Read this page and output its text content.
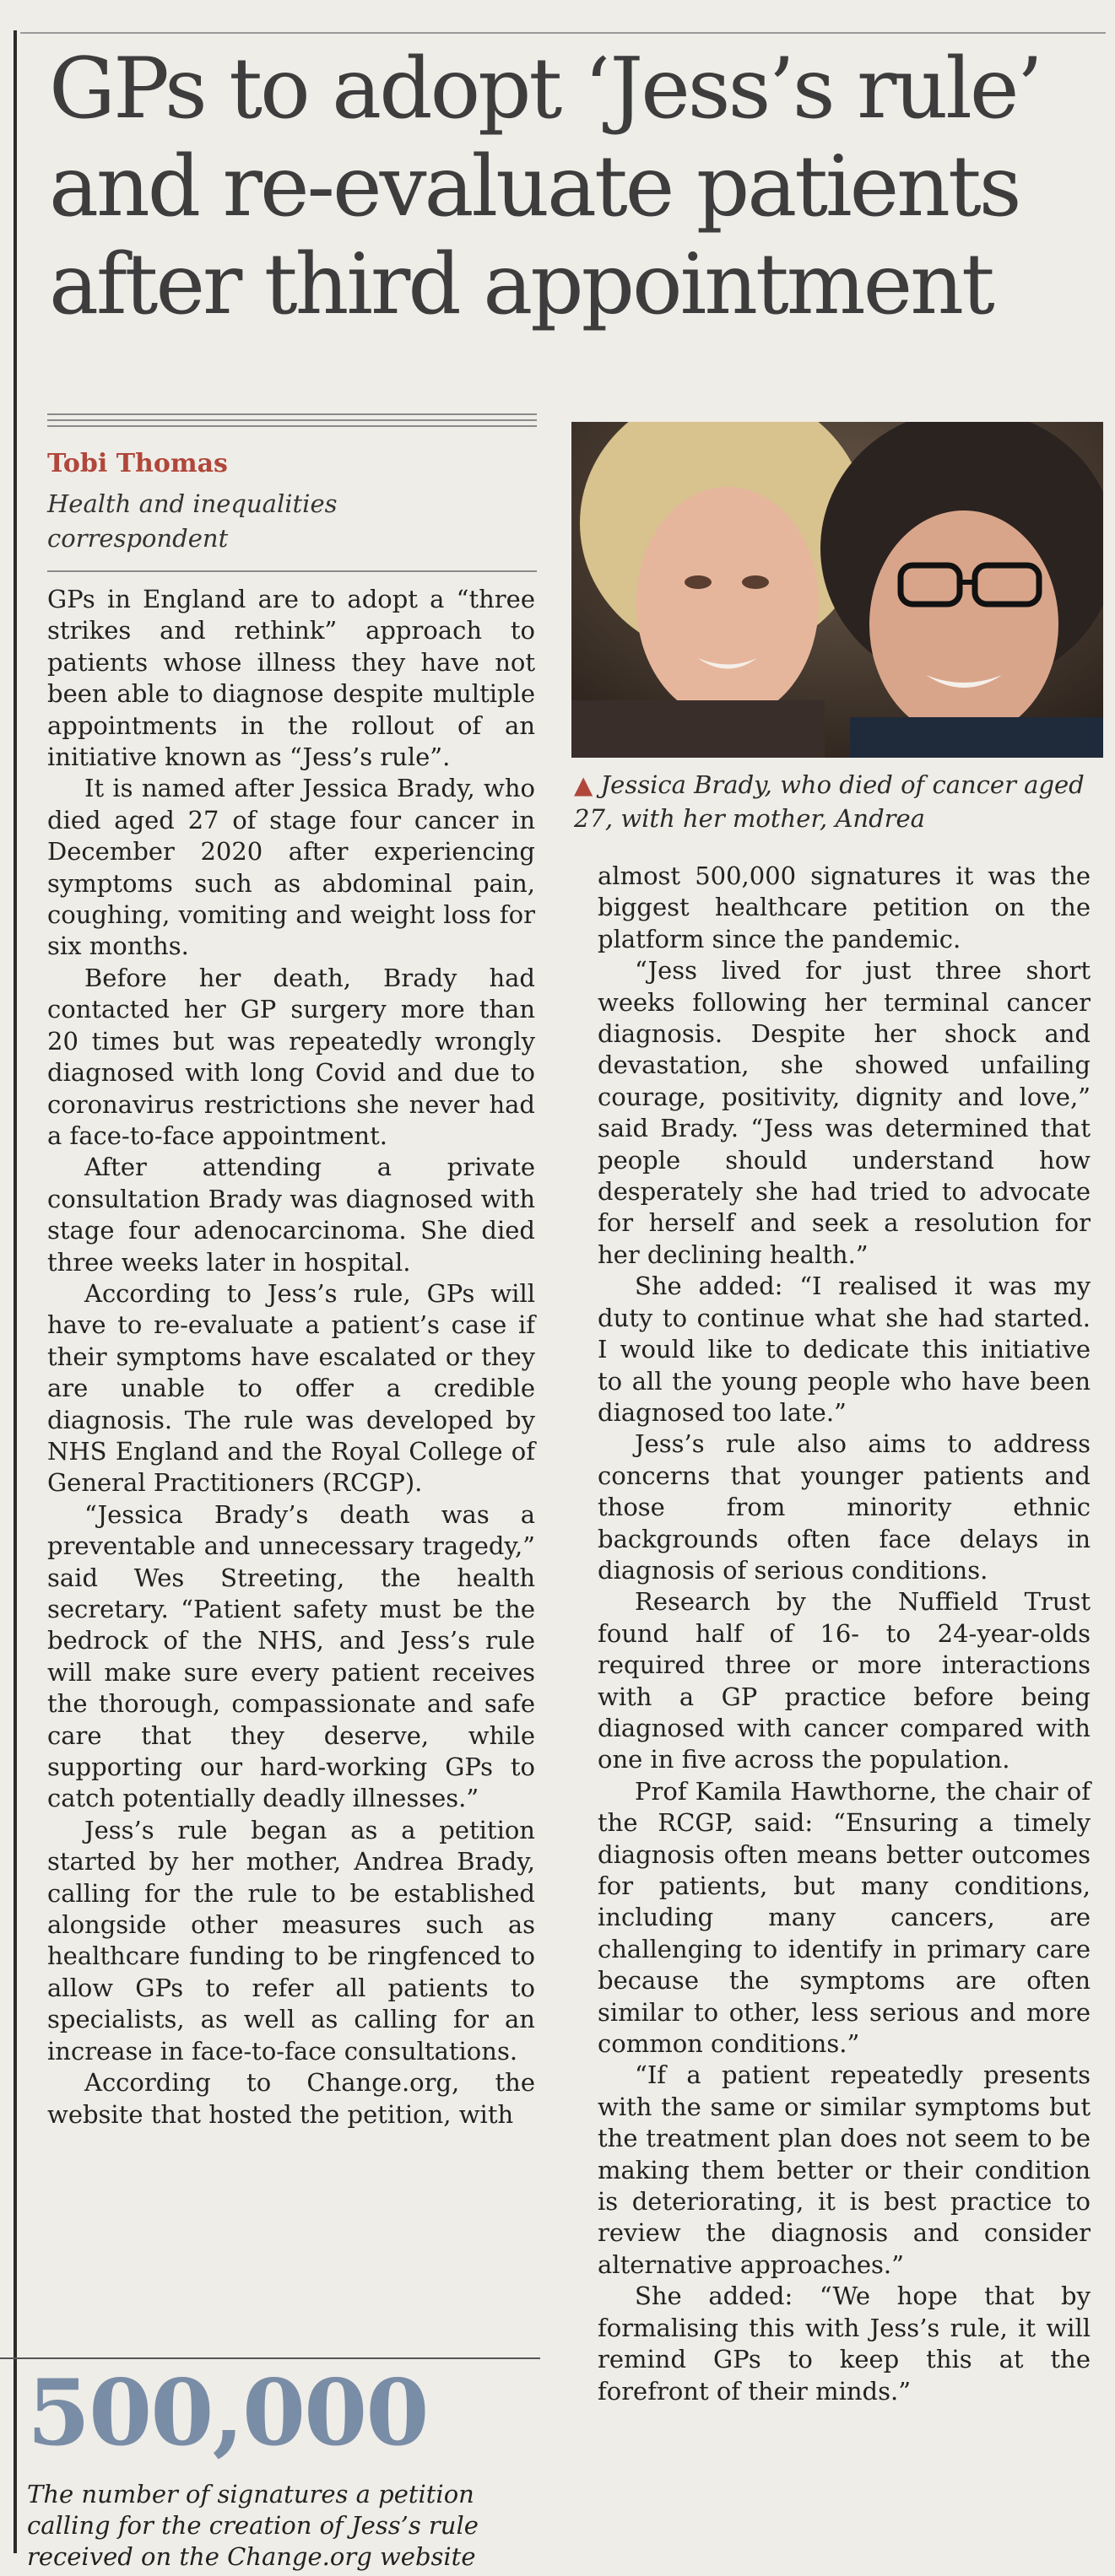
GPs to adopt ‘Jess’s rule’
and re-evaluate patients
after third appointment
Tobi Thomas
Health and inequalities correspondent

GPs in England are to adopt a “three strikes and rethink” approach to patients whose illness they have not been able to diagnose despite multiple appointments in the rollout of an initiative known as “Jess’s rule”.

It is named after Jessica Brady, who died aged 27 of stage four cancer in December 2020 after experiencing symptoms such as abdominal pain, coughing, vomiting and weight loss for six months.

Before her death, Brady had contacted her GP surgery more than 20 times but was repeatedly wrongly diagnosed with long Covid and due to coronavirus restrictions she never had a face-to-face appointment.

After attending a private consultation Brady was diagnosed with stage four adenocarcinoma. She died three weeks later in hospital.

According to Jess’s rule, GPs will have to re-evaluate a patient’s case if their symptoms have escalated or they are unable to offer a credible diagnosis. The rule was developed by NHS England and the Royal College of General Practitioners (RCGP).

“Jessica Brady’s death was a preventable and unnecessary tragedy,” said Wes Streeting, the health secretary. “Patient safety must be the bedrock of the NHS, and Jess’s rule will make sure every patient receives the thorough, compassionate and safe care that they deserve, while supporting our hard-working GPs to catch potentially deadly illnesses.”

Jess’s rule began as a petition started by her mother, Andrea Brady, calling for the rule to be established alongside other measures such as healthcare funding to be ringfenced to allow GPs to refer all patients to specialists, as well as calling for an increase in face-to-face consultations.

According to Change.org, the website that hosted the petition, with

▲ Jessica Brady, who died of cancer aged 27, with her mother, Andrea

almost 500,000 signatures it was the biggest healthcare petition on the platform since the pandemic.

“Jess lived for just three short weeks following her terminal cancer diagnosis. Despite her shock and devastation, she showed unfailing courage, positivity, dignity and love,” said Brady. “Jess was determined that people should understand how desperately she had tried to advocate for herself and seek a resolution for her declining health.”

She added: “I realised it was my duty to continue what she had started. I would like to dedicate this initiative to all the young people who have been diagnosed too late.”

Jess’s rule also aims to address concerns that younger patients and those from minority ethnic backgrounds often face delays in diagnosis of serious conditions.

Research by the Nuffield Trust found half of 16- to 24-year-olds required three or more interactions with a GP practice before being diagnosed with cancer compared with one in five across the population.

Prof Kamila Hawthorne, the chair of the RCGP, said: “Ensuring a timely diagnosis often means better outcomes for patients, but many conditions, including many cancers, are challenging to identify in primary care because the symptoms are often similar to other, less serious and more common conditions.”

“If a patient repeatedly presents with the same or similar symptoms but the treatment plan does not seem to be making them better or their condition is deteriorating, it is best practice to review the diagnosis and consider alternative approaches.”

She added: “We hope that by formalising this with Jess’s rule, it will remind GPs to keep this at the forefront of their minds.”

500,000
The number of signatures a petition calling for the creation of Jess’s rule received on the Change.org website
